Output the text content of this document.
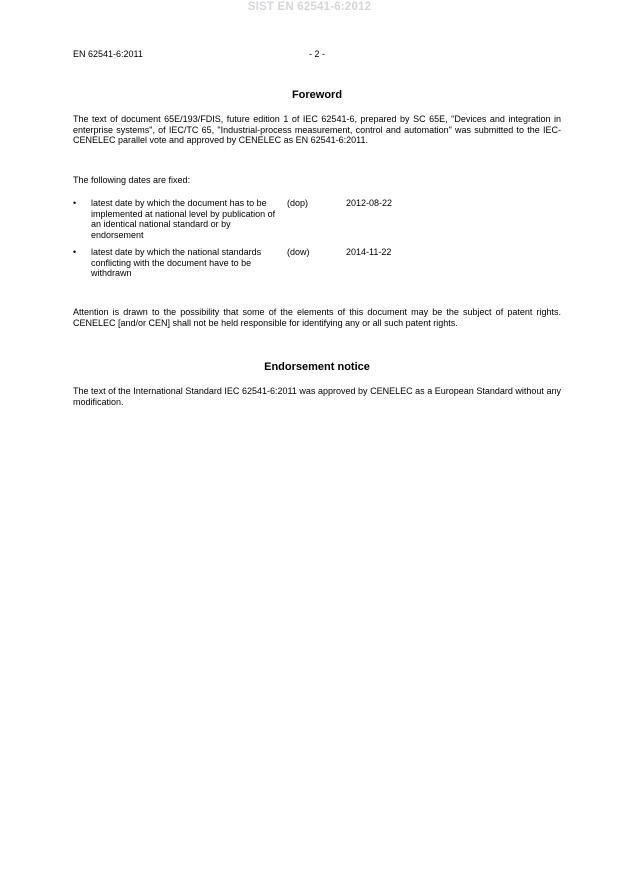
SIST EN 62541-6:2012
EN 62541-6:2011	- 2 -
Foreword
The text of document 65E/193/FDIS, future edition 1 of IEC 62541-6, prepared by SC 65E, "Devices and integration in enterprise systems", of IEC/TC 65, "Industrial-process measurement, control and automation" was submitted to the IEC-CENELEC parallel vote and approved by CENELEC as EN 62541-6:2011.
The following dates are fixed:
• latest date by which the document has to be implemented at national level by publication of an identical national standard or by endorsement
(dop)	2012-08-22
• latest date by which the national standards conflicting with the document have to be withdrawn
(dow)	2014-11-22
Attention is drawn to the possibility that some of the elements of this document may be the subject of patent rights. CENELEC [and/or CEN] shall not be held responsible for identifying any or all such patent rights.
Endorsement notice
The text of the International Standard IEC 62541-6:2011 was approved by CENELEC as a European Standard without any modification.
